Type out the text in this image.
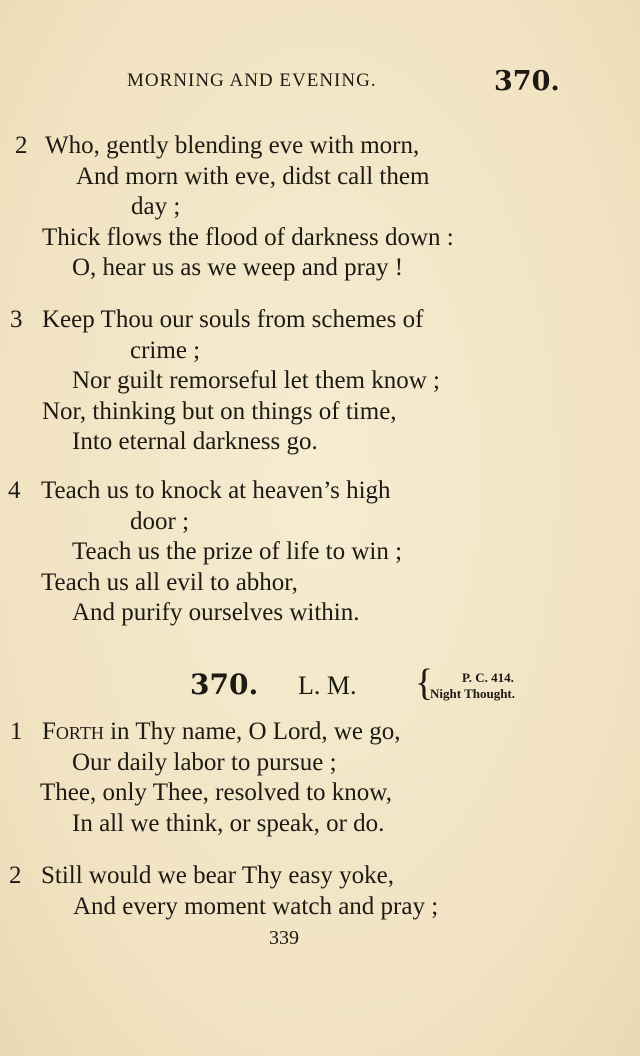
MORNING AND EVENING.	370.
2 Who, gently blending eve with morn,
And morn with eve, didst call them
day ;
Thick flows the flood of darkness down :
O, hear us as we weep and pray !
3 Keep Thou our souls from schemes of
crime ;
Nor guilt remorseful let them know ;
Nor, thinking but on things of time,
Into eternal darkness go.
4 Teach us to knock at heaven’s high
door ;
Teach us the prize of life to win ;
Teach us all evil to abhor,
And purify ourselves within.
370. L. M. {	P. C. 414.
Night Thought.
1 Forth in Thy name, O Lord, we go,
Our daily labor to pursue ;
Thee, only Thee, resolved to know,
In all we think, or speak, or do.
2 Still would we bear Thy easy yoke,
And every moment watch and pray ;
339
